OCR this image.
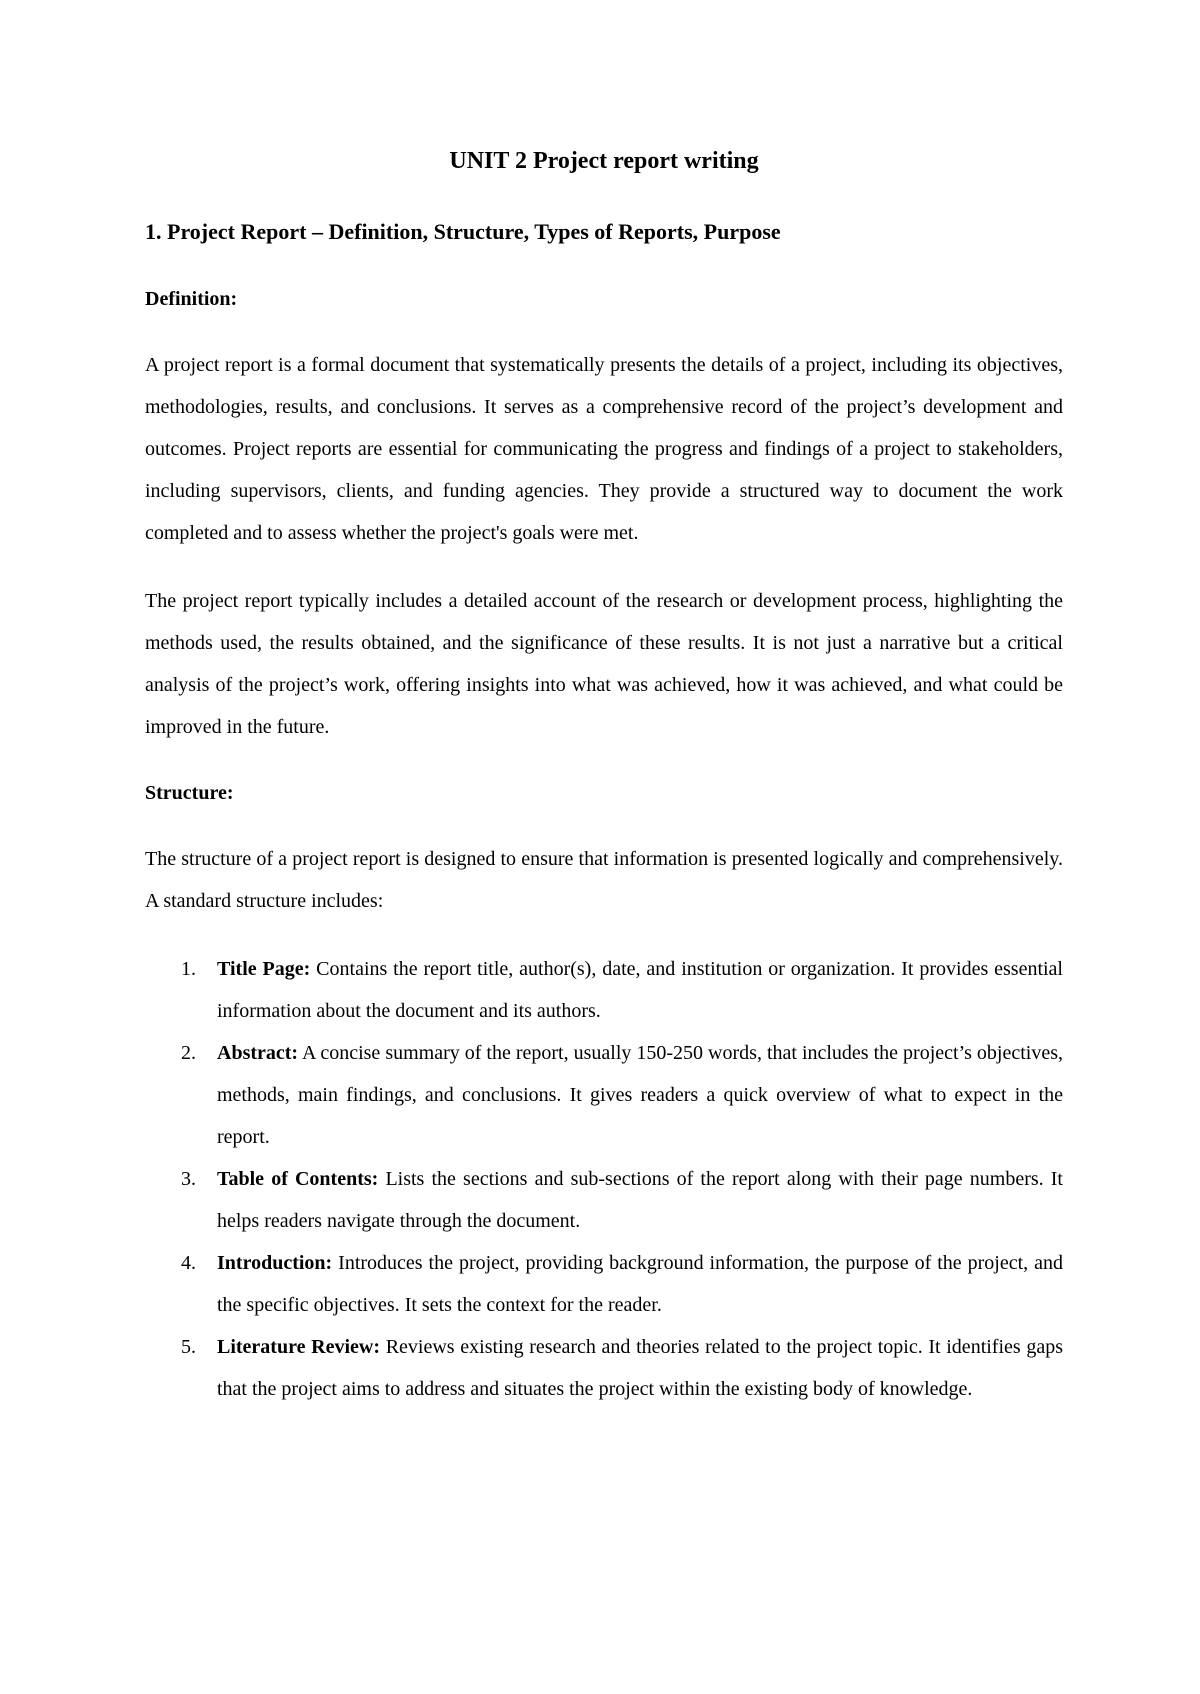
UNIT 2 Project report writing
1. Project Report – Definition, Structure, Types of Reports, Purpose
Definition:

A project report is a formal document that systematically presents the details of a project, including its objectives, methodologies, results, and conclusions. It serves as a comprehensive record of the project’s development and outcomes. Project reports are essential for communicating the progress and findings of a project to stakeholders, including supervisors, clients, and funding agencies. They provide a structured way to document the work completed and to assess whether the project's goals were met.

The project report typically includes a detailed account of the research or development process, highlighting the methods used, the results obtained, and the significance of these results. It is not just a narrative but a critical analysis of the project’s work, offering insights into what was achieved, how it was achieved, and what could be improved in the future.

Structure:

The structure of a project report is designed to ensure that information is presented logically and comprehensively. A standard structure includes:

1. Title Page: Contains the report title, author(s), date, and institution or organization. It provides essential information about the document and its authors.
2. Abstract: A concise summary of the report, usually 150-250 words, that includes the project’s objectives, methods, main findings, and conclusions. It gives readers a quick overview of what to expect in the report.
3. Table of Contents: Lists the sections and sub-sections of the report along with their page numbers. It helps readers navigate through the document.
4. Introduction: Introduces the project, providing background information, the purpose of the project, and the specific objectives. It sets the context for the reader.
5. Literature Review: Reviews existing research and theories related to the project topic. It identifies gaps that the project aims to address and situates the project within the existing body of knowledge.
